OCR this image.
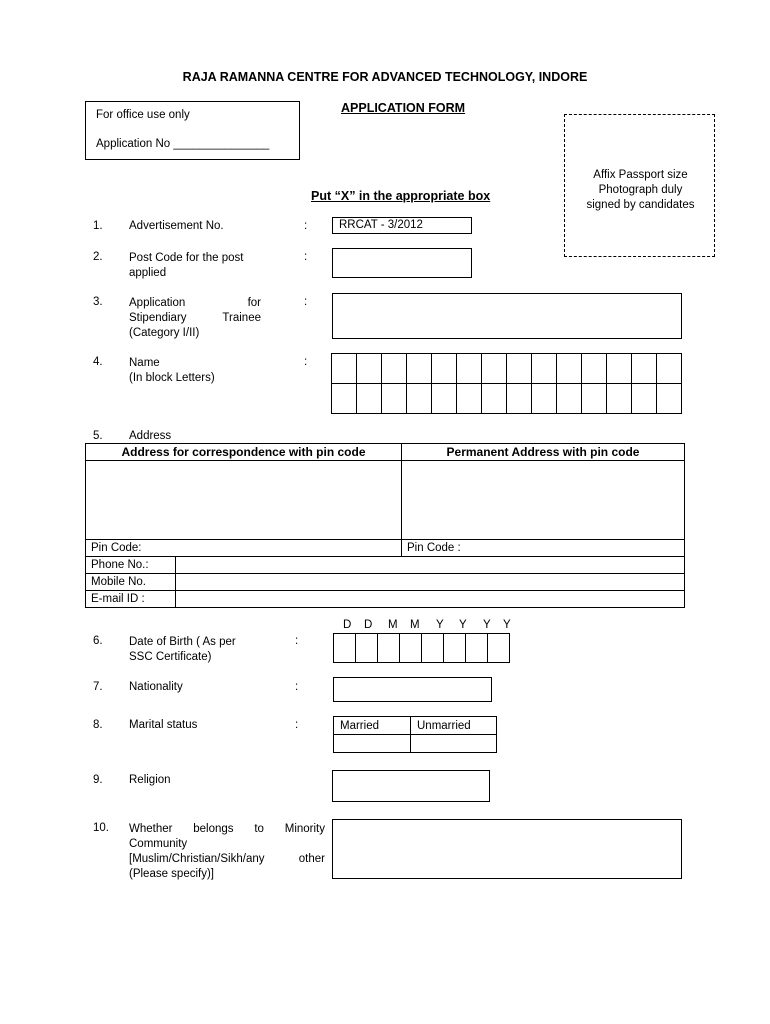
RAJA RAMANNA CENTRE FOR ADVANCED TECHNOLOGY, INDORE
For office use only
Application No _______________
APPLICATION FORM
Affix Passport size
Photograph duly
signed by candidates
Put “X” in the appropriate box
1. Advertisement No.	:	RRCAT - 3/2012
2. Post Code for the post
applied
:
3. Application for
Stipendiary Trainee
(Category I/II)
:
4. Name
(In block Letters)
:

5. Address
Address for correspondence with pin code		Permanent Address with pin code

Pin Code:		Pin Code :
Phone No.:		
Mobile No.		
E-mail ID :		
D D M M Y Y Y Y
6. Date of Birth ( As per
SSC Certificate)
:

7. Nationality	:
8. Marital status	:	Married	Unmarried

9. Religion
10. Whether belongs to Minority
Community
[Muslim/Christian/Sikh/any other
(Please specify)]
